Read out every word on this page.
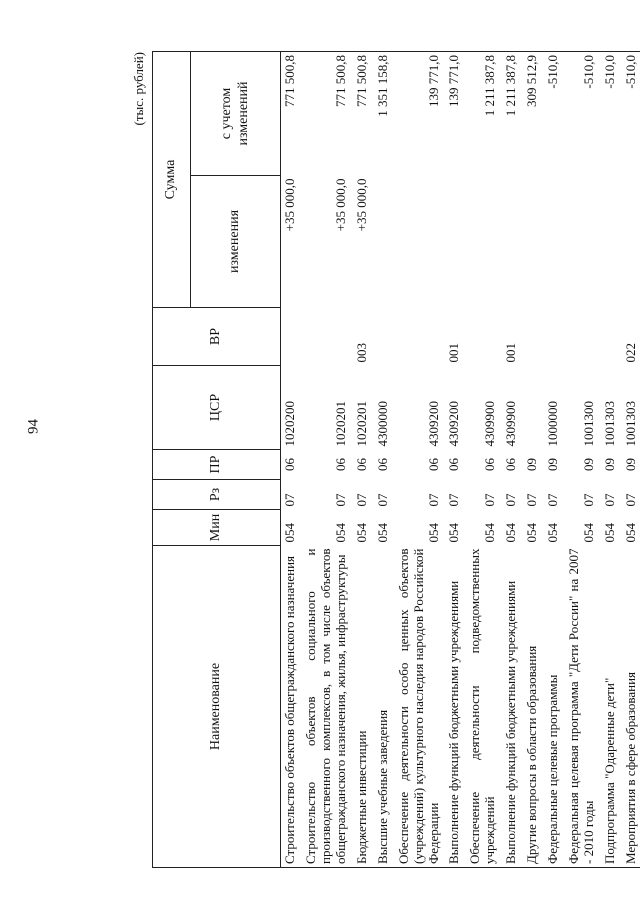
94
(тыс. рублей)
Наименование	Мин	Рз	ПР	ЦСР	ВР	Сумма	
						изменения	с учетом изменений
Строительство объектов общегражданского назначения	054	07	06	1020200		+35 000,0	771 500,8
Строительство объектов социального и производственного комплексов, в том числе объектов общегражданского назначения, жилья, инфраструктуры	054	07	06	1020201		+35 000,0	771 500,8
Бюджетные инвестиции	054	07	06	1020201	003	+35 000,0	771 500,8
Высшие учебные заведения	054	07	06	4300000			1 351 158,8
Обеспечение деятельности особо ценных объектов (учреждений) культурного наследия народов Российской Федерации	054	07	06	4309200			139 771,0
Выполнение функций бюджетными учреждениями	054	07	06	4309200	001		139 771,0
Обеспечение деятельности подведомственных учреждений	054	07	06	4309900			1 211 387,8
Выполнение функций бюджетными учреждениями	054	07	06	4309900	001		1 211 387,8
Другие вопросы в области образования	054	07	09				309 512,9
Федеральные целевые программы	054	07	09	1000000			-510,0
Федеральная целевая программа "Дети России" на 2007 - 2010 годы	054	07	09	1001300			-510,0
Подпрограмма "Одаренные дети"	054	07	09	1001303			-510,0
Мероприятия в сфере образования	054	07	09	1001303	022		-510,0
